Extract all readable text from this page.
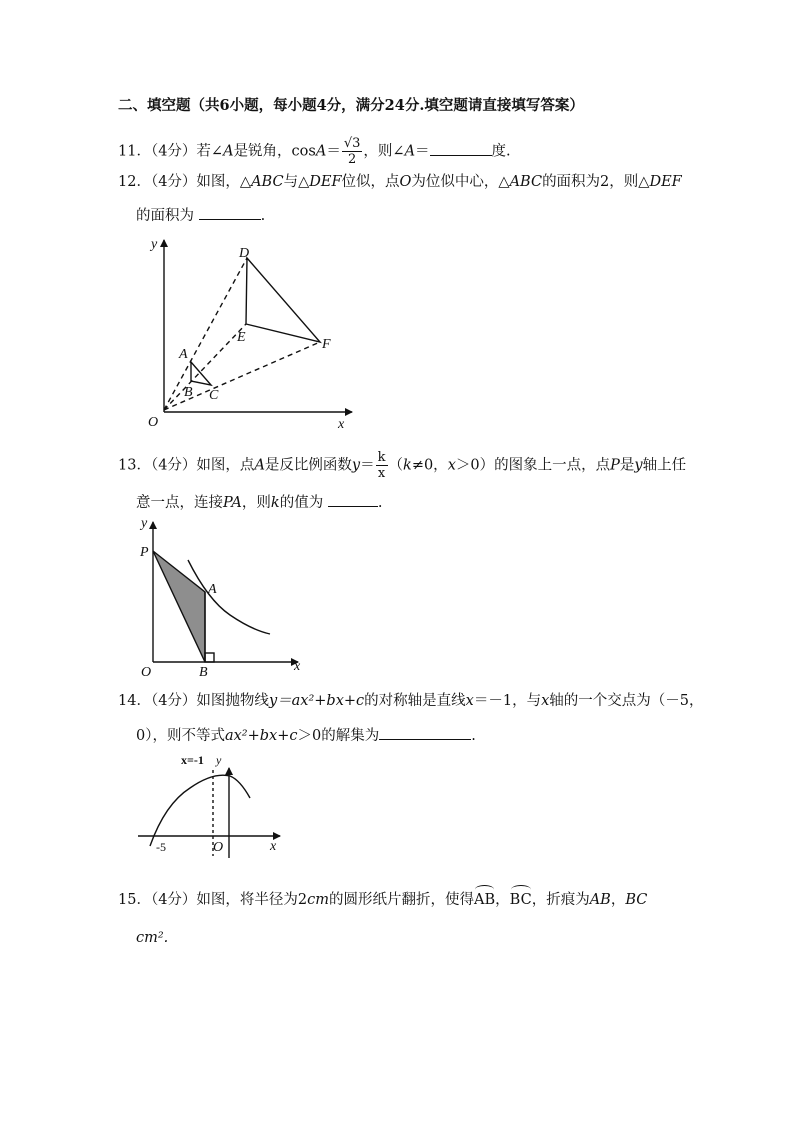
二、填空题（共6小题，每小题4分，满分24分.填空题请直接填写答案）
11．（4分）若∠A是锐角，$\cos A= \frac{√3}{2}$ ，则∠A＝	度.
12．（4分）如图，△ABC与△DEF位似，点O为位似中心，△ABC的面积为2，则△DEF
的面积为	.
13．（4分）如图，点A是反比例函数$y= \frac{k}{x} (k\ne 0$，x＞0）的图象上一点，点P是y轴上任
意一点，连接PA，则k的值为	.
14．（4分）如图抛物线y＝ax²+bx+c的对称轴是直线x＝－1，与x轴的一个交点为（－5，
0），则不等式ax²+bx+c＞0的解集为	.
15．（4分）如图，将半径为2cm的圆形纸片翻折，使得AB，BC，折痕为AB，BC
cm².
D
E	F
A
B C
O	x
y
P
A
B
O	x
y
x=-1 y
x
-5	O
